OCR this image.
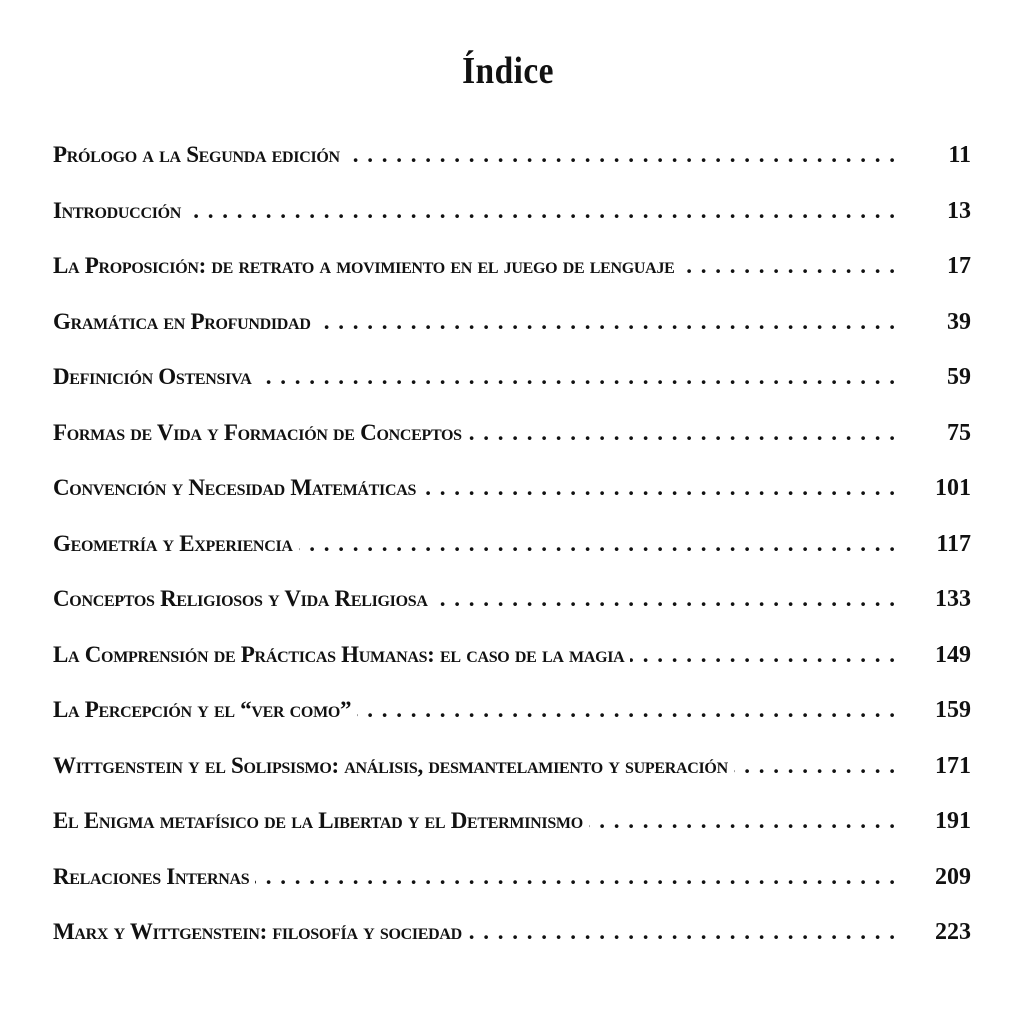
Índice
Prólogo a la Segunda edición . . .	11
Introducción . . .	13
La Proposición: de retrato a movimiento en el juego de lenguaje . . .	17
Gramática en Profundidad . . .	39
Definición Ostensiva . . .	59
Formas de Vida y Formación de Conceptos . . .	75
Convención y Necesidad Matemáticas . . .	101
Geometría y Experiencia . . .	117
Conceptos Religiosos y Vida Religiosa . . .	133
La Comprensión de Prácticas Humanas: el caso de la magia . . .	149
La Percepción y el “ver como” . . .	159
Wittgenstein y el Solipsismo: análisis, desmantelamiento y superación . . .	171
El Enigma metafísico de la Libertad y el Determinismo . . .	191
Relaciones Internas . . .	209
Marx y Wittgenstein: filosofía y sociedad . . .	223
